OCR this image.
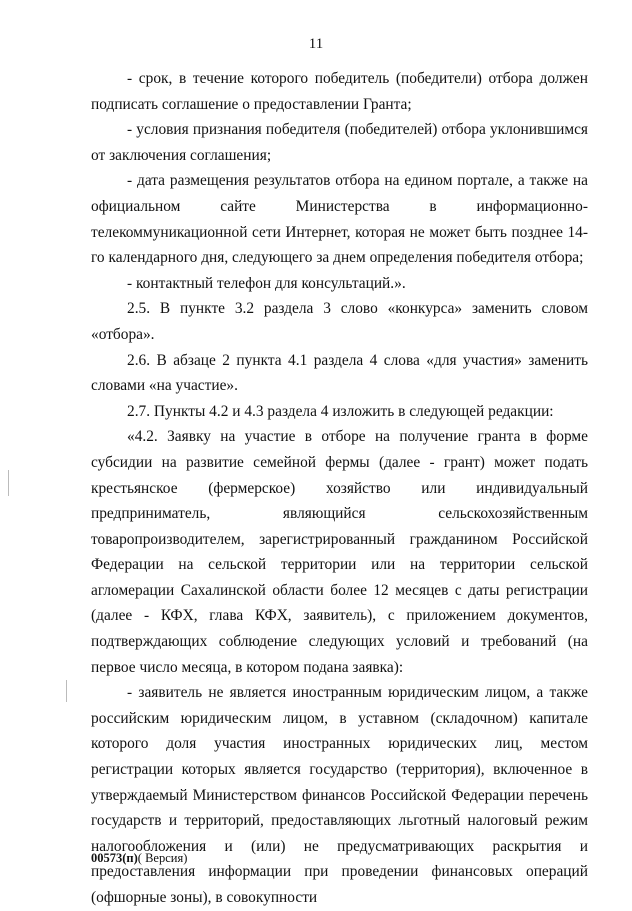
11

- срок, в течение которого победитель (победители) отбора должен подписать соглашение о предоставлении Гранта;

- условия признания победителя (победителей) отбора уклонившимся от заключения соглашения;

- дата размещения результатов отбора на едином портале, а также на официальном сайте Министерства в информационно-телекоммуникационной сети Интернет, которая не может быть позднее 14-го календарного дня, следующего за днем определения победителя отбора;

- контактный телефон для консультаций.».

2.5. В пункте 3.2 раздела 3 слово «конкурса» заменить словом «отбора».

2.6. В абзаце 2 пункта 4.1 раздела 4 слова «для участия» заменить словами «на участие».

2.7. Пункты 4.2 и 4.3 раздела 4 изложить в следующей редакции:

«4.2. Заявку на участие в отборе на получение гранта в форме субсидии на развитие семейной фермы (далее - грант) может подать крестьянское (фермерское) хозяйство или индивидуальный предприниматель, являющийся сельскохозяйственным товаропроизводителем, зарегистрированный гражданином Российской Федерации на сельской территории или на территории сельской агломерации Сахалинской области более 12 месяцев с даты регистрации (далее - КФХ, глава КФХ, заявитель), с приложением документов, подтверждающих соблюдение следующих условий и требований (на первое число месяца, в котором подана заявка):

- заявитель не является иностранным юридическим лицом, а также российским юридическим лицом, в уставном (складочном) капитале которого доля участия иностранных юридических лиц, местом регистрации которых является государство (территория), включенное в утверждаемый Министерством финансов Российской Федерации перечень государств и территорий, предоставляющих льготный налоговый режим налогообложения и (или) не предусматривающих раскрытия и предоставления информации при проведении финансовых операций (офшорные зоны), в совокупности

00573(п)( Версия)
